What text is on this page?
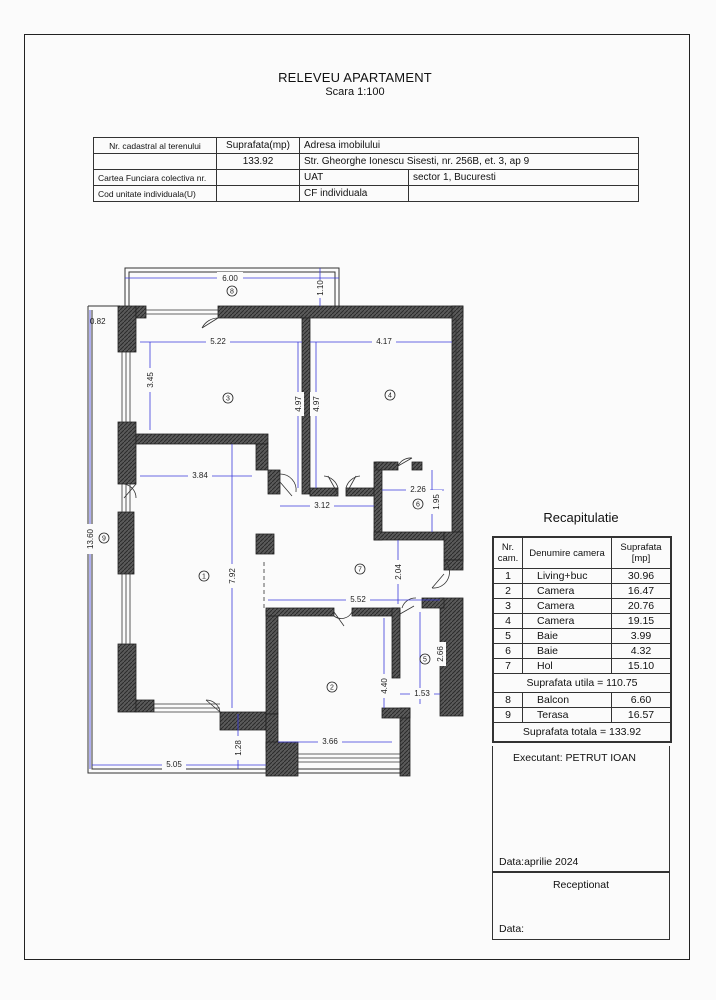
RELEVEU APARTAMENT
Scara 1:100
Nr. cadastral al terenului	Suprafata(mp)	Adresa imobilului	
	133.92	Str. Gheorghe Ionescu Sisesti, nr. 256B, et. 3, ap 9	
Cartea Funciara colectiva nr.		UAT	sector 1, Bucuresti
Cod unitate individuala(U)		CF individuala	
6.00
1.10
0.82
5.22	4.17
3.45
4.97 4.97
3.84
3.12
2.26
1.95
13.60
7.92	2.04
5.52
2.66
4.40	1.53
1.28	3.66
5.05
1
2
3	4
5
6
7
8
9
Recapitulatie
Nr. cam.	Denumire camera	Suprafata [mp]
1	Living+buc	30.96
2	Camera	16.47
3	Camera	20.76
4	Camera	19.15
5	Baie	3.99
6	Baie	4.32
7	Hol	15.10
Suprafata utila = 110.75		
8	Balcon	6.60
9	Terasa	16.57
Suprafata totala = 133.92		
Executant: PETRUT IOAN
Data:aprilie 2024
Receptionat
Data:
